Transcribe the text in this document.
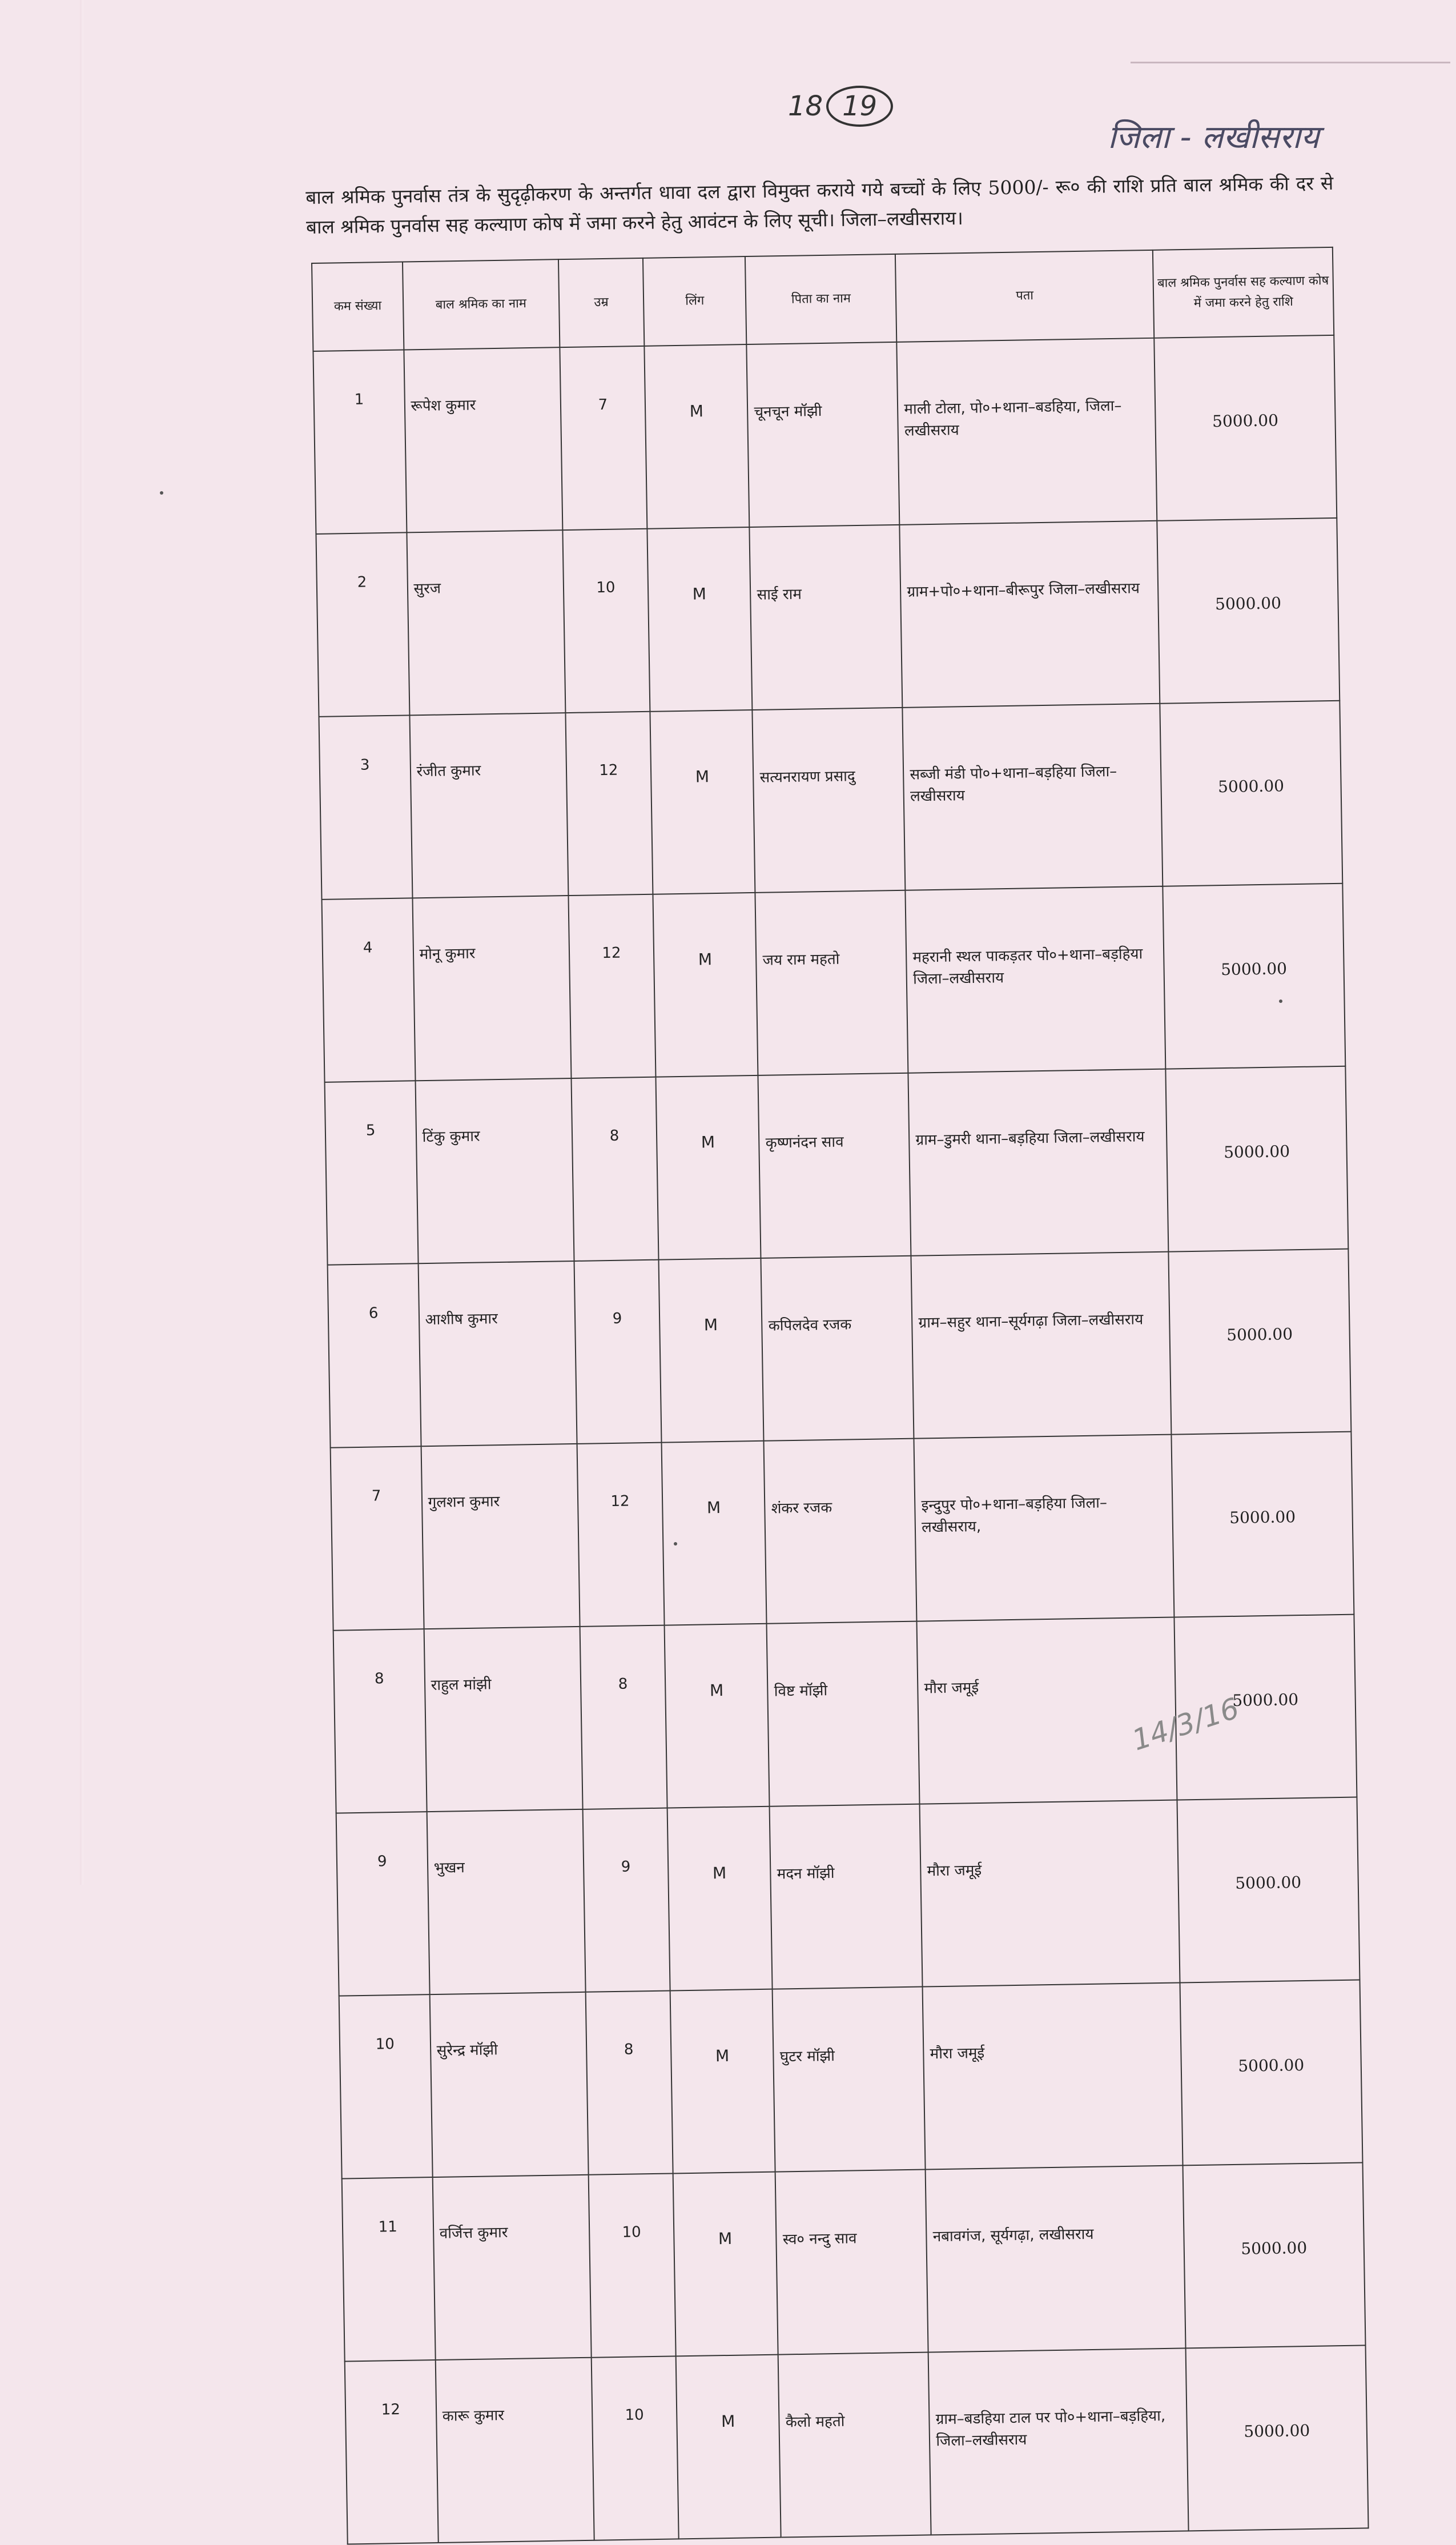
18 19
जिला - लखीसराय
बाल श्रमिक पुनर्वास तंत्र के सुदृढ़ीकरण के अन्तर्गत धावा दल द्वारा विमुक्त कराये गये बच्चों के लिए 5000/- रू० की राशि प्रति बाल श्रमिक की दर से बाल श्रमिक पुनर्वास सह कल्याण कोष में जमा करने हेतु आवंटन के लिए सूची। जिला–लखीसराय।
कम संख्या	बाल श्रमिक का नाम	उम्र	लिंग	पिता का नाम	पता	बाल श्रमिक पुनर्वास सह कल्याण कोष में जमा करने हेतु राशि
1	रूपेश कुमार	7	M	चूनचून मॉझी	माली टोला, पो०+थाना–बडहिया, जिला–लखीसराय	5000.00
2	सुरज	10	M	साई राम	ग्राम+पो०+थाना–बीरूपुर जिला–लखीसराय	5000.00
3	रंजीत कुमार	12	M	सत्यनरायण प्रसादु	सब्जी मंडी पो०+थाना–बड़हिया जिला–लखीसराय	5000.00
4	मोनू कुमार	12	M	जय राम महतो	महरानी स्थल पाकड़तर पो०+थाना–बड़हिया जिला–लखीसराय	5000.00
5	टिंकु कुमार	8	M	कृष्णनंदन साव	ग्राम–डुमरी थाना–बड़हिया जिला–लखीसराय	5000.00
6	आशीष कुमार	9	M	कपिलदेव रजक	ग्राम–सहुर थाना–सूर्यगढ़ा जिला–लखीसराय	5000.00
7	गुलशन कुमार	12	M	शंकर रजक	इन्दुपुर पो०+थाना–बड़हिया जिला–लखीसराय,	5000.00
8	राहुल मांझी	8	M	विष्ट मॉझी	मौरा जमूई	5000.00
9	भुखन	9	M	मदन मॉझी	मौरा जमूई	5000.00
10	सुरेन्द्र मॉझी	8	M	घुटर मॉझी	मौरा जमूई	5000.00
11	वर्जित्त कुमार	10	M	स्व० नन्दु साव	नबावगंज, सूर्यगढ़ा, लखीसराय	5000.00
12	कारू कुमार	10	M	कैलो महतो	ग्राम–बडहिया टाल पर पो०+थाना–बड़हिया, जिला–लखीसराय	5000.00
14/3/16
